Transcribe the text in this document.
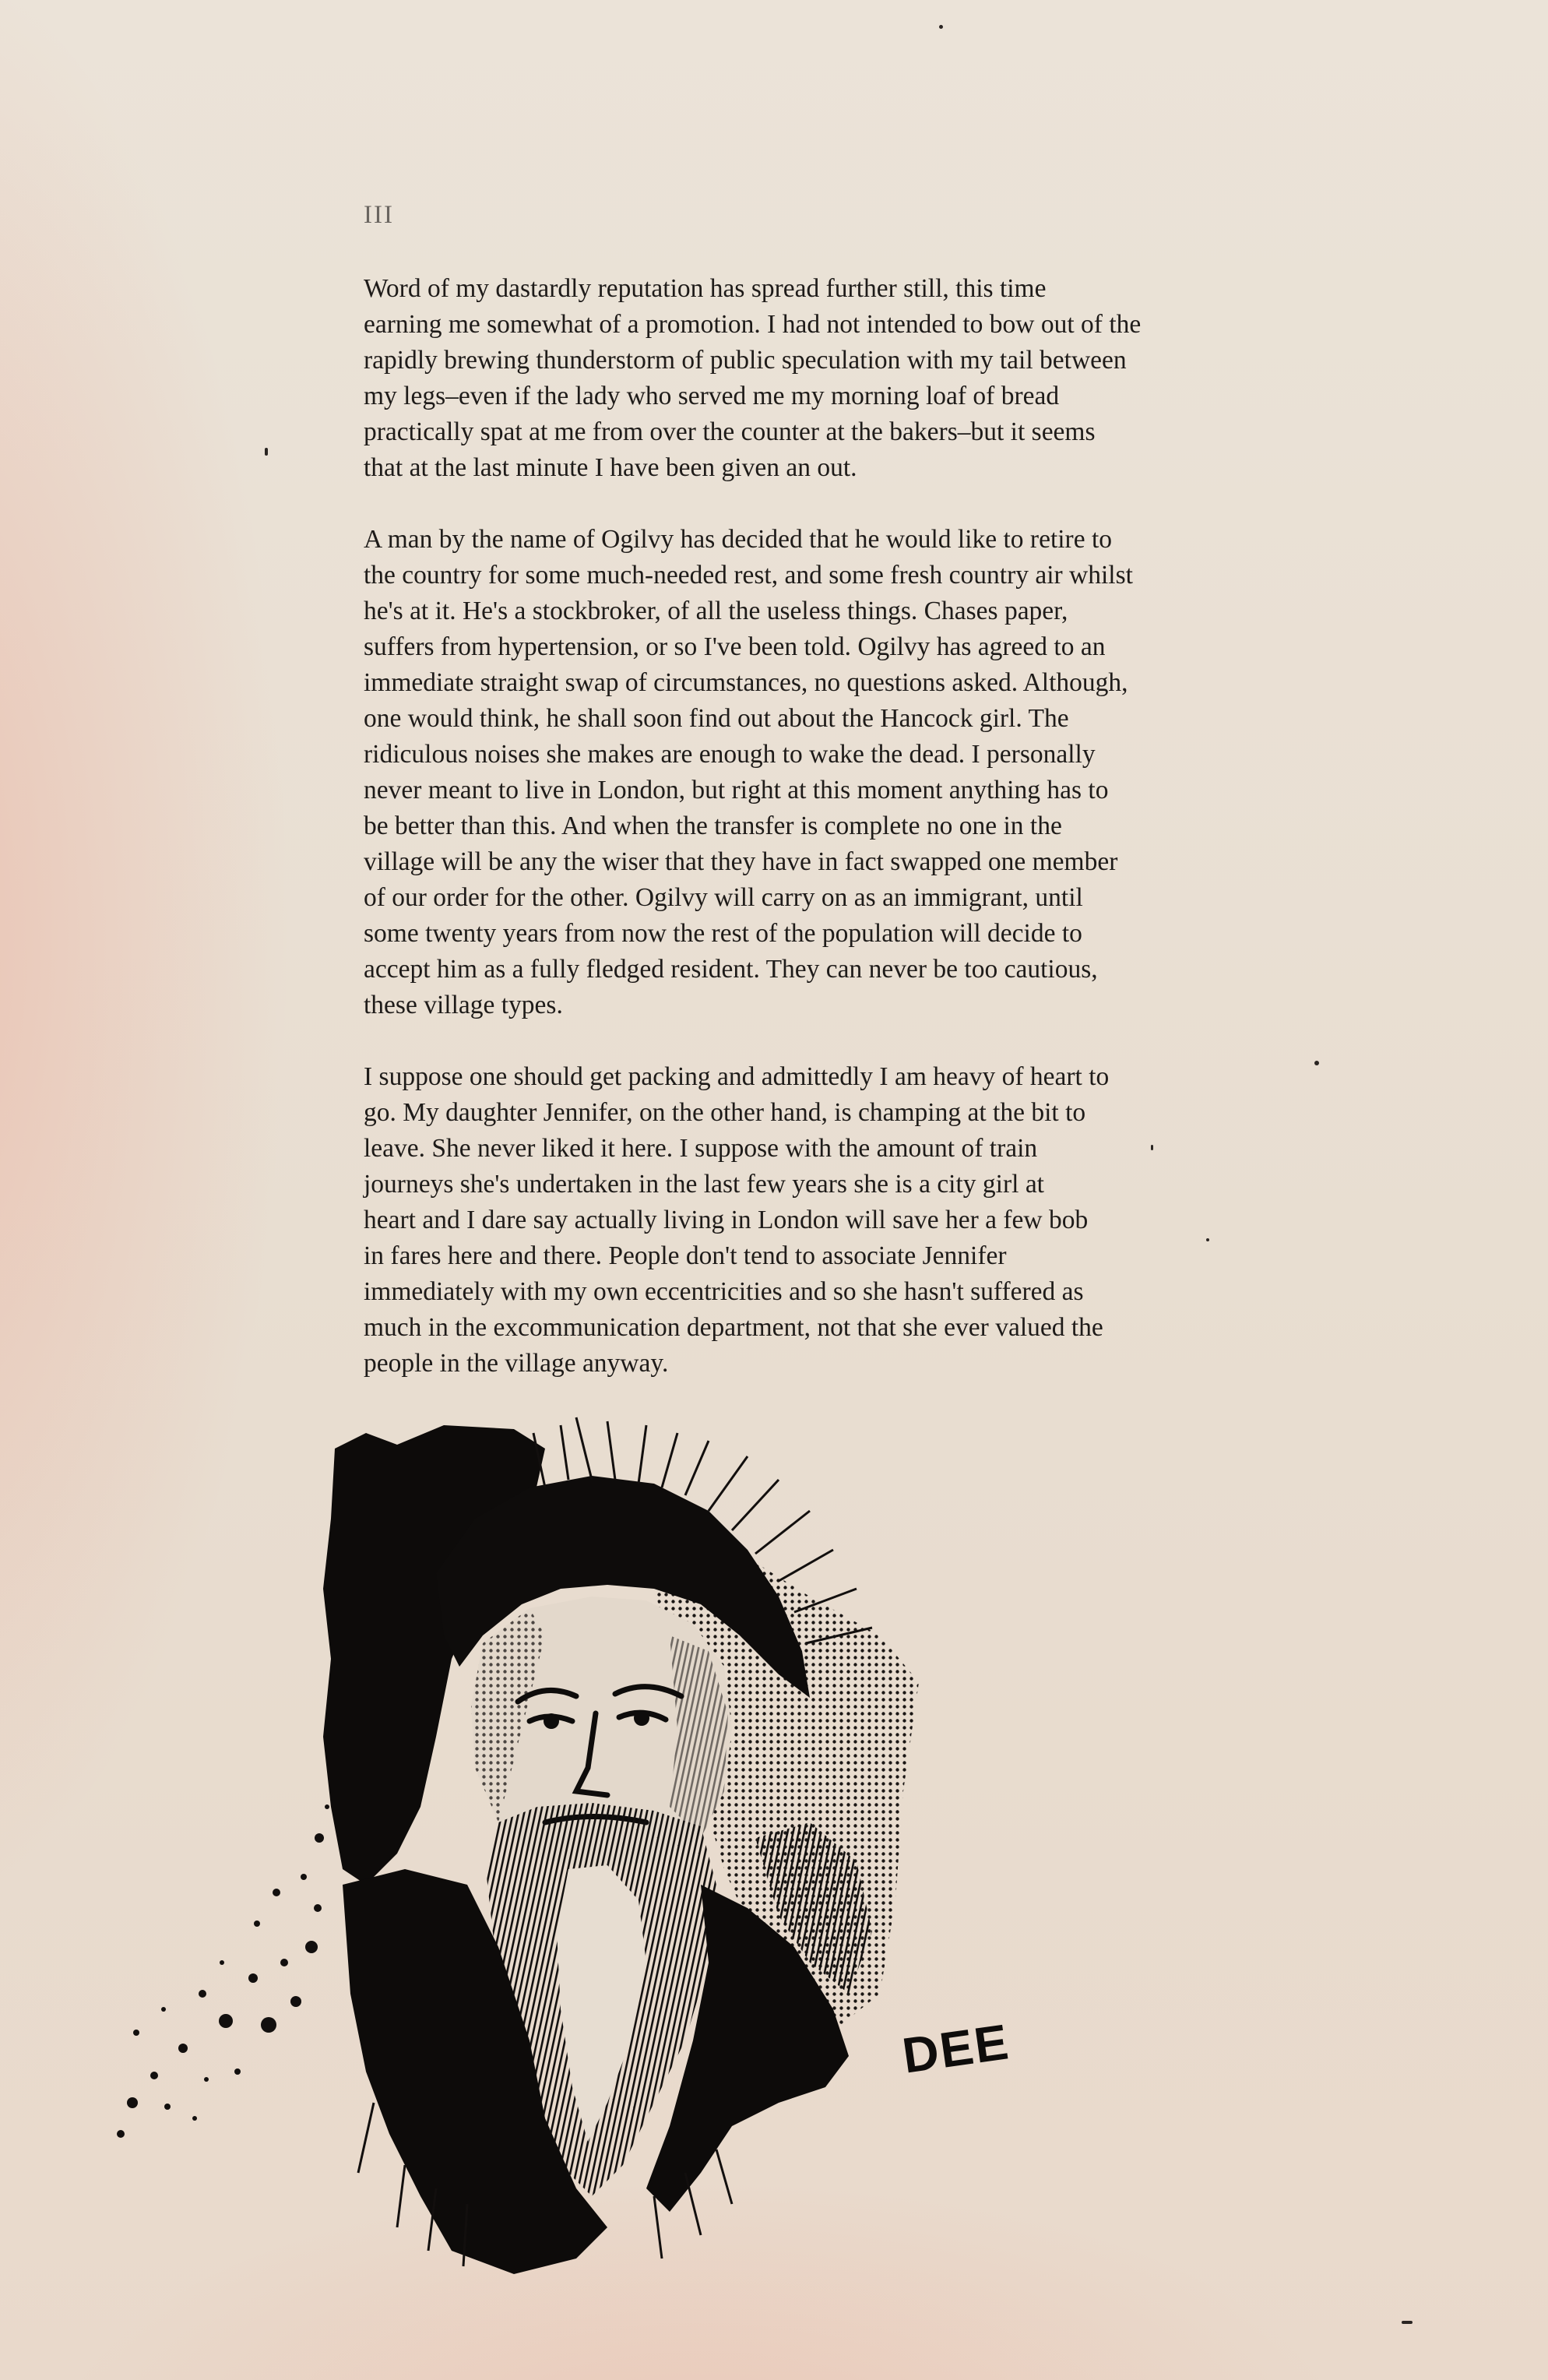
III

Word of my dastardly reputation has spread further still, this time
earning me somewhat of a promotion. I had not intended to bow out of the
rapidly brewing thunderstorm of public speculation with my tail between
my legs–even if the lady who served me my morning loaf of bread
practically spat at me from over the counter at the bakers–but it seems
that at the last minute I have been given an out.

A man by the name of Ogilvy has decided that he would like to retire to
the country for some much-needed rest, and some fresh country air whilst
he's at it. He's a stockbroker, of all the useless things. Chases paper,
suffers from hypertension, or so I've been told. Ogilvy has agreed to an
immediate straight swap of circumstances, no questions asked. Although,
one would think, he shall soon find out about the Hancock girl. The
ridiculous noises she makes are enough to wake the dead. I personally
never meant to live in London, but right at this moment anything has to
be better than this. And when the transfer is complete no one in the
village will be any the wiser that they have in fact swapped one member
of our order for the other. Ogilvy will carry on as an immigrant, until
some twenty years from now the rest of the population will decide to
accept him as a fully fledged resident. They can never be too cautious,
these village types.

I suppose one should get packing and admittedly I am heavy of heart to
go. My daughter Jennifer, on the other hand, is champing at the bit to
leave. She never liked it here. I suppose with the amount of train
journeys she's undertaken in the last few years she is a city girl at
heart and I dare say actually living in London will save her a few bob
in fares here and there. People don't tend to associate Jennifer
immediately with my own eccentricities and so she hasn't suffered as
much in the excommunication department, not that she ever valued the
people in the village anyway.

DEE
